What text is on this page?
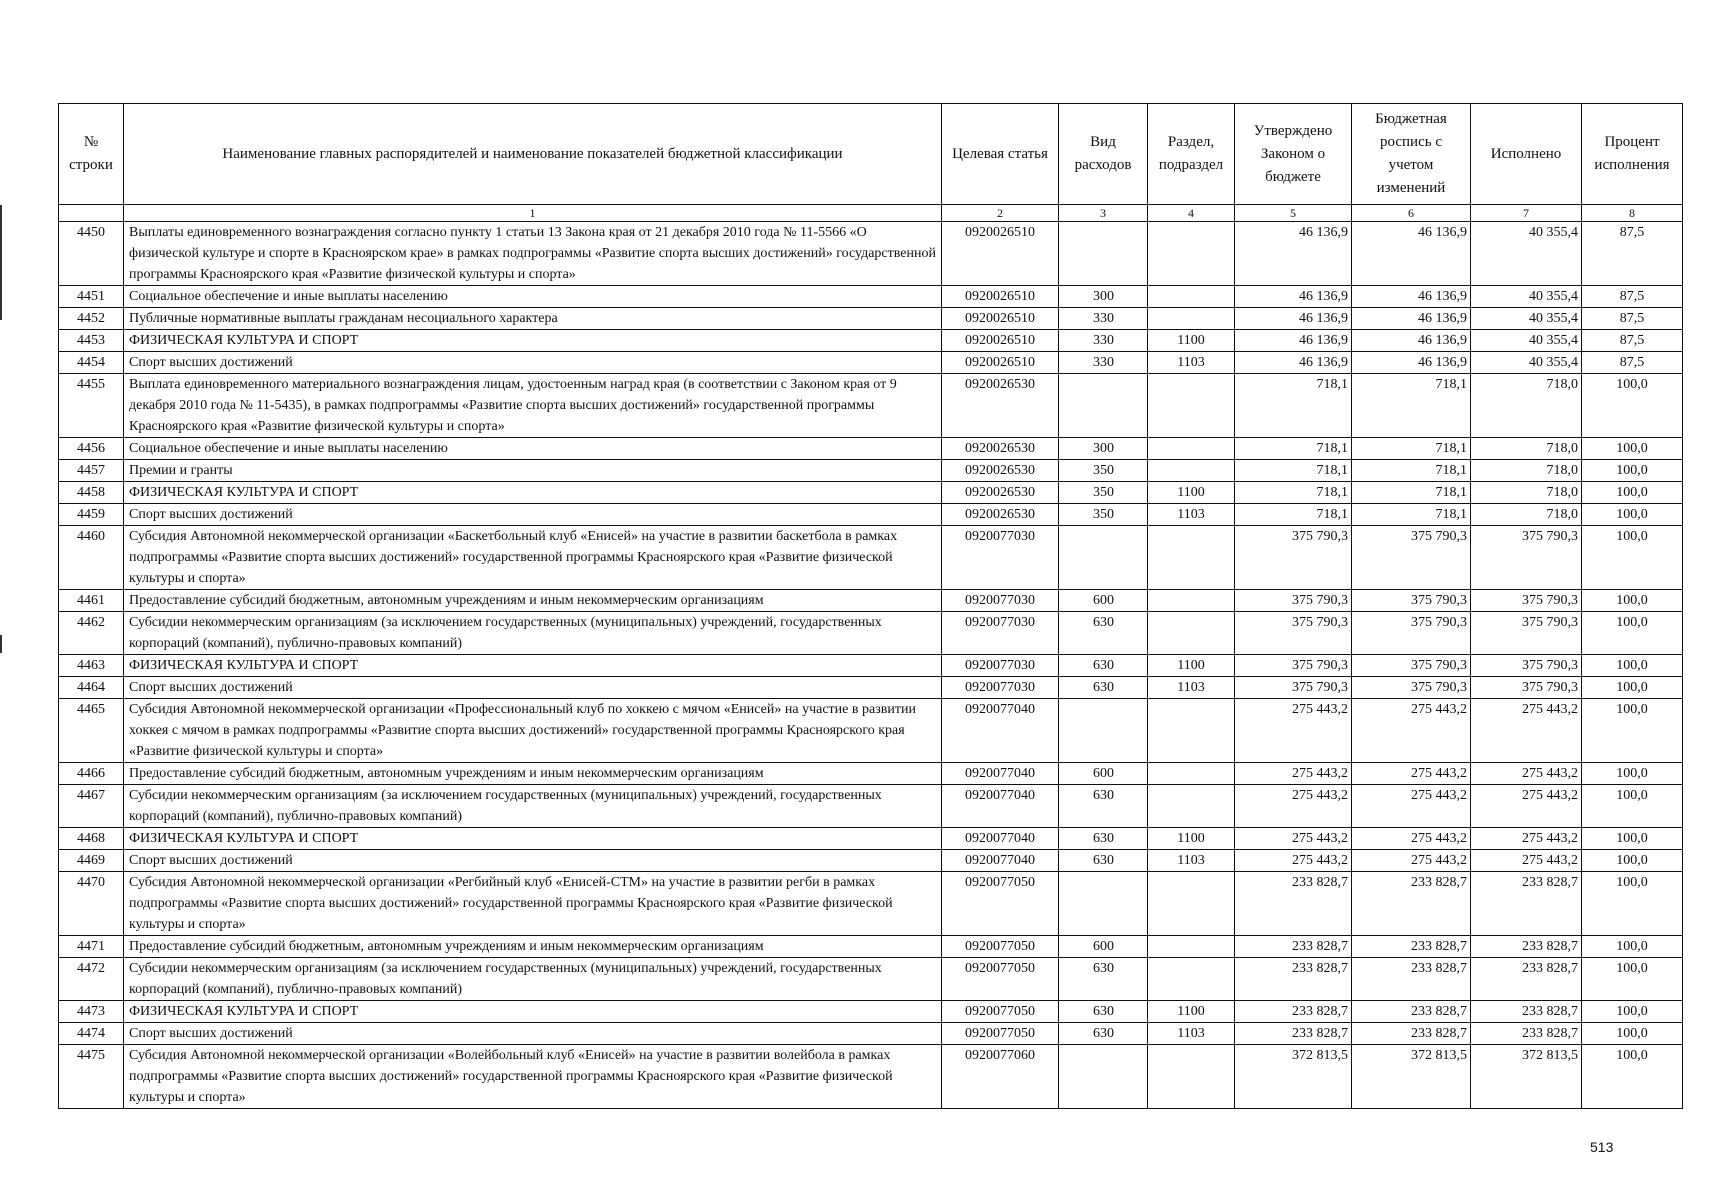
№ строки	Наименование главных распорядителей и наименование показателей бюджетной классификации	Целевая статья	Вид расходов	Раздел, подраздел	Утверждено Законом о бюджете	Бюджетная роспись с учетом изменений	Исполнено	Процент исполнения
	1	2	3	4	5	6	7	8
4450	Выплаты единовременного вознаграждения согласно пункту 1 статьи 13 Закона края от 21 декабря 2010 года № 11-5566 «О физической культуре и спорте в Красноярском крае» в рамках подпрограммы «Развитие спорта высших достижений» государственной программы Красноярского края «Развитие физической культуры и спорта»	0920026510			46 136,9	46 136,9	40 355,4	87,5
4451	Социальное обеспечение и иные выплаты населению	0920026510	300		46 136,9	46 136,9	40 355,4	87,5
4452	Публичные нормативные выплаты гражданам несоциального характера	0920026510	330		46 136,9	46 136,9	40 355,4	87,5
4453	ФИЗИЧЕСКАЯ КУЛЬТУРА И СПОРТ	0920026510	330	1100	46 136,9	46 136,9	40 355,4	87,5
4454	Спорт высших достижений	0920026510	330	1103	46 136,9	46 136,9	40 355,4	87,5
4455	Выплата единовременного материального вознаграждения лицам, удостоенным наград края (в соответствии с Законом края от 9 декабря 2010 года № 11-5435), в рамках подпрограммы «Развитие спорта высших достижений» государственной программы Красноярского края «Развитие физической культуры и спорта»	0920026530			718,1	718,1	718,0	100,0
4456	Социальное обеспечение и иные выплаты населению	0920026530	300		718,1	718,1	718,0	100,0
4457	Премии и гранты	0920026530	350		718,1	718,1	718,0	100,0
4458	ФИЗИЧЕСКАЯ КУЛЬТУРА И СПОРТ	0920026530	350	1100	718,1	718,1	718,0	100,0
4459	Спорт высших достижений	0920026530	350	1103	718,1	718,1	718,0	100,0
4460	Субсидия Автономной некоммерческой организации «Баскетбольный клуб «Енисей» на участие в развитии баскетбола в рамках подпрограммы «Развитие спорта высших достижений» государственной программы Красноярского края «Развитие физической культуры и спорта»	0920077030			375 790,3	375 790,3	375 790,3	100,0
4461	Предоставление субсидий бюджетным, автономным учреждениям и иным некоммерческим организациям	0920077030	600		375 790,3	375 790,3	375 790,3	100,0
4462	Субсидии некоммерческим организациям (за исключением государственных (муниципальных) учреждений, государственных корпораций (компаний), публично-правовых компаний)	0920077030	630		375 790,3	375 790,3	375 790,3	100,0
4463	ФИЗИЧЕСКАЯ КУЛЬТУРА И СПОРТ	0920077030	630	1100	375 790,3	375 790,3	375 790,3	100,0
4464	Спорт высших достижений	0920077030	630	1103	375 790,3	375 790,3	375 790,3	100,0
4465	Субсидия Автономной некоммерческой организации «Профессиональный клуб по хоккею с мячом «Енисей» на участие в развитии хоккея с мячом в рамках подпрограммы «Развитие спорта высших достижений» государственной программы Красноярского края «Развитие физической культуры и спорта»	0920077040			275 443,2	275 443,2	275 443,2	100,0
4466	Предоставление субсидий бюджетным, автономным учреждениям и иным некоммерческим организациям	0920077040	600		275 443,2	275 443,2	275 443,2	100,0
4467	Субсидии некоммерческим организациям (за исключением государственных (муниципальных) учреждений, государственных корпораций (компаний), публично-правовых компаний)	0920077040	630		275 443,2	275 443,2	275 443,2	100,0
4468	ФИЗИЧЕСКАЯ КУЛЬТУРА И СПОРТ	0920077040	630	1100	275 443,2	275 443,2	275 443,2	100,0
4469	Спорт высших достижений	0920077040	630	1103	275 443,2	275 443,2	275 443,2	100,0
4470	Субсидия Автономной некоммерческой организации «Регбийный клуб «Енисей-СТМ» на участие в развитии регби в рамках подпрограммы «Развитие спорта высших достижений» государственной программы Красноярского края «Развитие физической культуры и спорта»	0920077050			233 828,7	233 828,7	233 828,7	100,0
4471	Предоставление субсидий бюджетным, автономным учреждениям и иным некоммерческим организациям	0920077050	600		233 828,7	233 828,7	233 828,7	100,0
4472	Субсидии некоммерческим организациям (за исключением государственных (муниципальных) учреждений, государственных корпораций (компаний), публично-правовых компаний)	0920077050	630		233 828,7	233 828,7	233 828,7	100,0
4473	ФИЗИЧЕСКАЯ КУЛЬТУРА И СПОРТ	0920077050	630	1100	233 828,7	233 828,7	233 828,7	100,0
4474	Спорт высших достижений	0920077050	630	1103	233 828,7	233 828,7	233 828,7	100,0
4475	Субсидия Автономной некоммерческой организации «Волейбольный клуб «Енисей» на участие в развитии волейбола в рамках подпрограммы «Развитие спорта высших достижений» государственной программы Красноярского края «Развитие физической культуры и спорта»	0920077060			372 813,5	372 813,5	372 813,5	100,0
513
